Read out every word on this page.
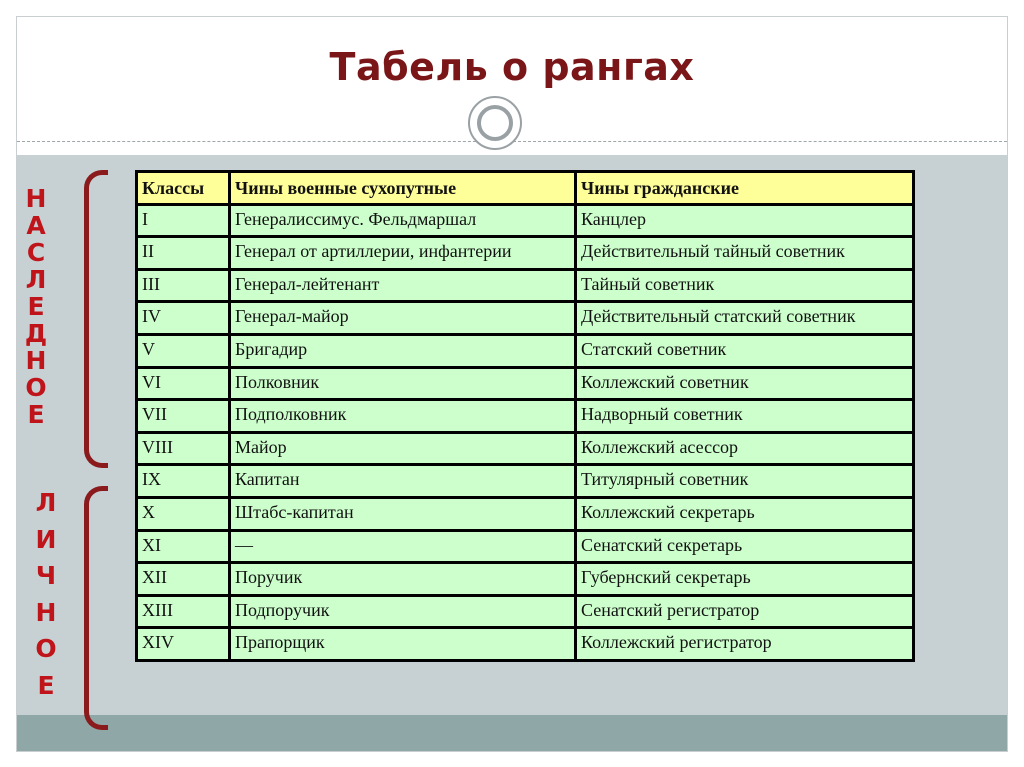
Табель о рангах
Н
А
С
Л
Е
Д
Н
О
Е
Л
И
Ч
Н
О
Е
Классы	Чины военные сухопутные	Чины гражданские
I	Генералиссимус. Фельдмаршал	Канцлер
II	Генерал от артиллерии, инфантерии	Действительный тайный советник
III	Генерал-лейтенант	Тайный советник
IV	Генерал-майор	Действительный статский советник
V	Бригадир	Статский советник
VI	Полковник	Коллежский советник
VII	Подполковник	Надворный советник
VIII	Майор	Коллежский асессор
IX	Капитан	Титулярный советник
X	Штабс-капитан	Коллежский секретарь
XI	—	Сенатский секретарь
XII	Поручик	Губернский секретарь
XIII	Подпоручик	Сенатский регистратор
XIV	Прапорщик	Коллежский регистратор
